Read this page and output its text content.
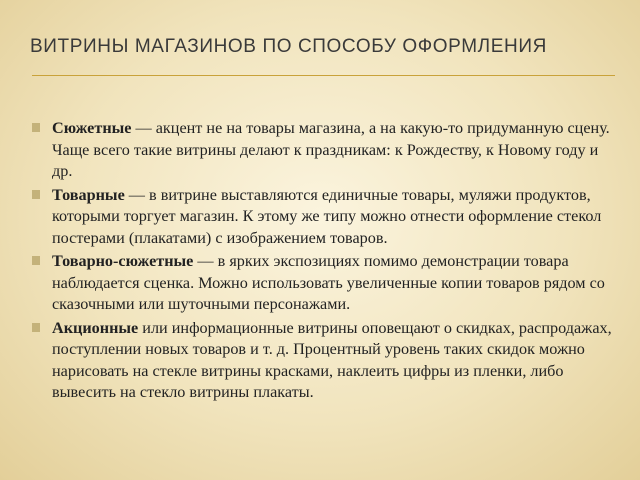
ВИТРИНЫ МАГАЗИНОВ ПО СПОСОБУ ОФОРМЛЕНИЯ
Сюжетные — акцент не на товары магазина, а на какую-то придуманную сцену. Чаще всего такие витрины делают к праздникам: к Рождеству, к Новому году и др.
Товарные — в витрине выставляются единичные товары, муляжи продуктов, которыми торгует магазин. К этому же типу можно отнести оформление стекол постерами (плакатами) с изображением товаров.
Товарно-сюжетные — в ярких экспозициях помимо демонстрации товара наблюдается сценка. Можно использовать увеличенные копии товаров рядом со сказочными или шуточными персонажами.
Акционные или информационные витрины оповещают о скидках, распродажах, поступлении новых товаров и т. д. Процентный уровень таких скидок можно нарисовать на стекле витрины красками, наклеить цифры из пленки, либо вывесить на стекло витрины плакаты.
